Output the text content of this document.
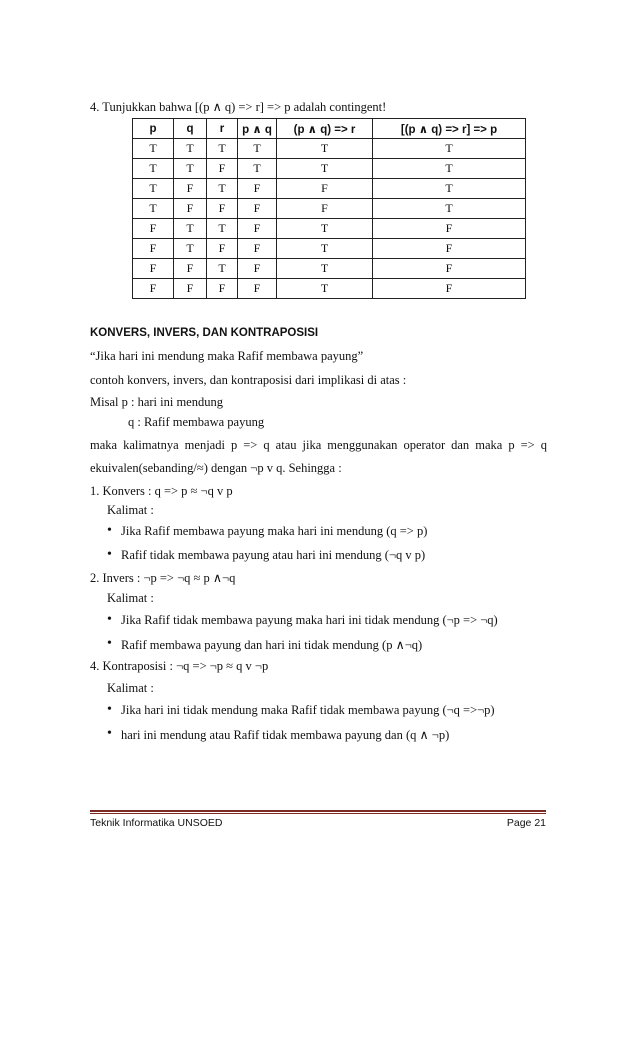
4. Tunjukkan bahwa [(p ∧ q) => r] => p adalah contingent!
p	q	r	p ∧ q	(p ∧ q) => r	[(p ∧ q) => r] => p
T	T	T	T	T	T
T	T	F	T	T	T
T	F	T	F	F	T
T	F	F	F	F	T
F	T	T	F	T	F
F	T	F	F	T	F
F	F	T	F	T	F
F	F	F	F	T	F
KONVERS, INVERS, DAN KONTRAPOSISI
“Jika hari ini mendung maka Rafif membawa payung”
contoh konvers, invers, dan kontraposisi dari implikasi di atas :
Misal p : hari ini mendung
q : Rafif membawa payung
maka kalimatnya menjadi p => q atau jika menggunakan operator dan maka p => q
ekuivalen(sebanding/≈) dengan ¬p v q. Sehingga :
1. Konvers : q => p ≈ ¬q v p
Kalimat :
• Jika Rafif membawa payung maka hari ini mendung (q => p)
• Rafif tidak membawa payung atau hari ini mendung (¬q v p)
2. Invers : ¬p => ¬q ≈ p ∧¬q
Kalimat :
• Jika Rafif tidak membawa payung maka hari ini tidak mendung (¬p => ¬q)
• Rafif membawa payung dan hari ini tidak mendung (p ∧¬q)
4. Kontraposisi : ¬q => ¬p ≈ q v ¬p
Kalimat :
• Jika hari ini tidak mendung maka Rafif tidak membawa payung (¬q =>¬p)
• hari ini mendung atau Rafif tidak membawa payung dan (q ∧ ¬p)
Teknik Informatika UNSOED	Page 21
